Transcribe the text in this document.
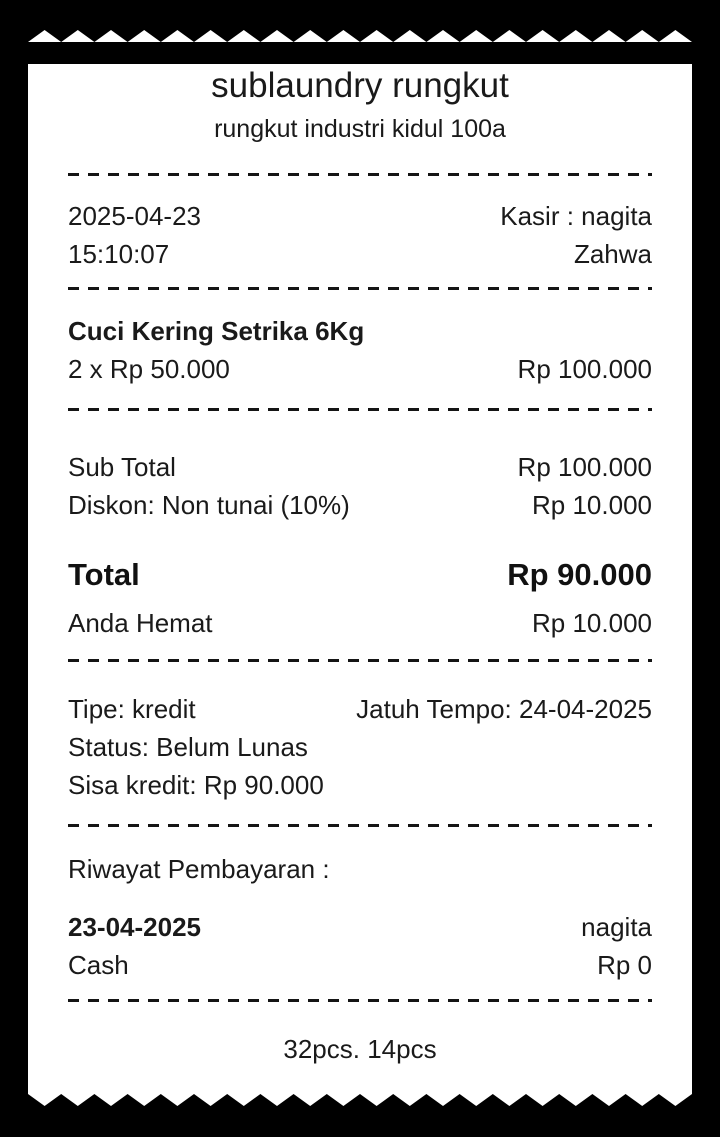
sublaundry rungkut
rungkut industri kidul 100a
2025-04-23	Kasir : nagita
15:10:07	Zahwa
Cuci Kering Setrika 6Kg
2 x Rp 50.000	Rp 100.000
Sub Total	Rp 100.000
Diskon: Non tunai (10%)	Rp 10.000
Total	Rp 90.000
Anda Hemat	Rp 10.000
Tipe: kredit	Jatuh Tempo: 24-04-2025
Status: Belum Lunas
Sisa kredit: Rp 90.000
Riwayat Pembayaran :
23-04-2025	nagita
Cash	Rp 0
32pcs. 14pcs
